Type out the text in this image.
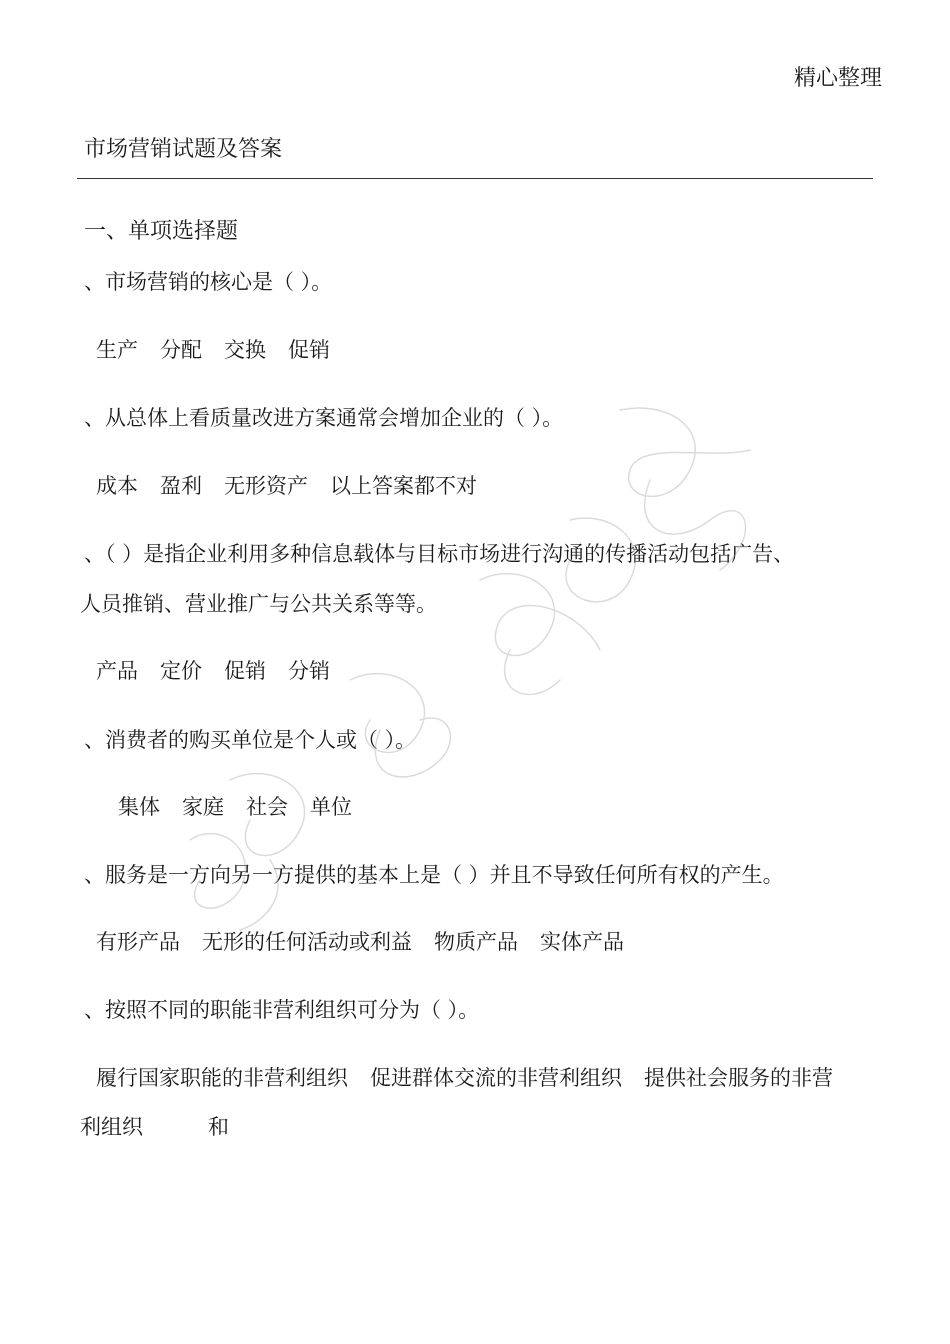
精心整理
市场营销试题及答案
一、单项选择题
、市场营销的核心是（ ）。
生产 分配 交换 促销
、从总体上看质量改进方案通常会增加企业的（ ）。
成本 盈利 无形资产 以上答案都不对
、（ ）是指企业利用多种信息载体与目标市场进行沟通的传播活动包括广告、
人员推销、营业推广与公共关系等等。
产品 定价 促销 分销
、消费者的购买单位是个人或（ ）。
集体 家庭 社会 单位
、服务是一方向另一方提供的基本上是（ ）并且不导致任何所有权的产生。
有形产品 无形的任何活动或利益 物质产品 实体产品
、按照不同的职能非营利组织可分为（ ）。
履行国家职能的非营利组织 促进群体交流的非营利组织 提供社会服务的非营
利组织	和
